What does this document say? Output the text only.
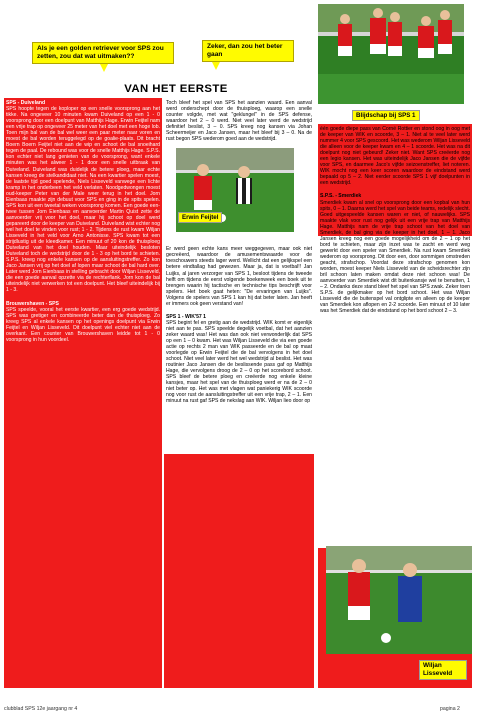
Als je een golden retriever voor SPS zou zetten, zou dat wat uitmaken??
Zeker, dan zou het beter gaan
Blijdschap bij SPS 1
VAN HET EERSTE

SPS - Duiveland

SPS hoopte tegen de koploper op een snelle voorsprong aan het tikke. Na ongeveer 10 minuten kwam Duiveland op een 1 - 0 voorsprong door een doelpunt van Matthijs Hage. Erwin Feijtel nam een vrije trap op ongeveer 25 meter van het doel met een hoge lob. Toen mijn bal van de bal wel weer een paar meter naar voren en moest de bal worden teruggelegd op de goalie-plaats. Dit bracht Boern Boern Feijtel niet aan de wip en schoot de bal snoeihard tegen de paal. De rebound was voor de snelle Matthijs Hage. S.P.S. kon echter niet lang genieten van de voorsprong, want enkele minuten was het alweer 1 - 1 door een snelle uitbraak van Duiveland. Duiveland was duidelijk de betere ploeg, maar echte kansen kreeg de stelkandidaat niet. Na een kwartier spelen moest, de laatste tijd goed spelende, Niels Lisseveld vanwege een lichte kramp in het onderbeen het veld verlaten. Noodgedwongen moest oud-keeper Peter van der Male weer terug in het doel. Jorn Eienbaas maakte zijn debuut voor SPS en ging in de spits spelen. SPS kon uit een tweetal weken voorsprong komen. Een goede een-twee tussen Jorn Eienbaas en aanvoerder Martin Quist zette de aanvoerder vrij voor het doel, maar hij schoot op doel werd gepareerd door de keeper van Duiveland. Duiveland wist echter nog wel het doel te vinden voor rust; 1 - 2. Tijdens de rust kwam Wiljan Lisseveld in het veld voor Arno Antonisse. SPS kwam tot een strijdlustig uit de kleedkamer. Een minuut of 20 kon de thuisploeg Duiveland van het doel houden. Maar uiteindelijk besloten Duiveland toch de wedstrijd door de 1 - 3 op het bord te schieten. S.P.S. kreeg nog enkele kansen op de aansluitingstreffer. Zo kon Jaco Jansen vrij op het doel af lopen maar schoot de bal hard over. Later werd Jorn Eienbaas in stelling gebracht door Wiljan Lisseveld, die een goede aanval opzette via de rechterflank. Jorn kon de bal uiteindelijk niet verwerken tot een doelpunt. Het bleef uiteindelijk bij 1 - 3.

Brouwershaven - SPS

SPS speelde, vooral het eerste kwartier, een erg goede wedstrijd. SPS was gretiger en combineerde beter dan de thuisploeg. Zo kreeg SPS al enkele kansen op het openings doelpunt via Erwin Feijtel en Wiljan Lisseveld. Dit doelpunt viel echter niet aan de overkant. Een counter van Brouwershaven leidde tot 1 - 0 voorsprong in hun voordeel.

Toch bleef het spel van SPS het aanzien waard. Een aanval werd onderschept door de thuisploeg, waarop een snelle counter volgde, met wat "geklungel" in de SPS defense, waardoor het 2 – 0 werd. Niet veel later werd de wedstrijd definitief beslist, 3 – 0. SPS kreeg nog kansen via Johan Scheermeijer en Jaco Jansen, maar het bleef bij 3 – 0. Na de rust begon SPS wederom goed aan de wedstrijd.

Erwin Feijtel

Er werd geen echte kans meer weggegeven, maar ook niet gecreëerd, waardoor de amusementswaarde voor de toeschouwers steeds lager werd. Wellicht dat een gelijkspel een betere eindtallag had gewezen. Maar ja, dat is voetbal!! Jan Luijks, al jaren verzorger van SPS 1, besloot tijdens de tweede helft om tijdens de eerst volgende boekenweek een boek uit te brengen waarin hij tactische en technische tips beschrijft voor spelers. Het boek gaat heten: "De ervaringen van Luijks". Volgens de spelers van SPS 1 kan hij dat beter laten. Jan heeft er immers ook geen verstand van!

SPS 1 - WIK'57 1

SPS begint fel en gretig aan de wedstrijd. WIK komt er eigenlijk niet aan te pas. SPS speelde degelijk voetbal, dat het aanzien zeker waard was! Het was dan ook niet verwonderlijk dat SPS op een 1 – 0 kwam. Het was Wiljan Lisseveld die via een goede actie op rechts 2 man van WIK passeerde en de bal op maat voorlegde op Erwin Feijtel die de bal vervolgens in het doel schoot. Niet veel later werd het wel wedstrijd al beslist. Het was routinier Jaco Jansen die de beslissende pass gaf op Matthijs Hage, die vervolgens droog de 2 – 0 op het scorebord schoot. SPS bleef de betere ploeg en creëerde nog enkele kleine kansjes, maar het spel van de thuisploeg werd er na de 2 – 0 niet beter op. Het was met vlagen wat paniekerig WIK scoorde nog voor rust de aansluitingstreffer uit een vrije trap, 2 – 1. Een minuut na rust gaf SPS de nekslag aan WIK. Wiljan lieo door op

één goede diepe pass van Corné Rottier en stond oog in oog met de keeper van WIK en scoorde, 3 – 1. Niet al te veel later werd nummer 4 voor SPS gescoord. Het was wederom Wiljan Lisseveld die alleen voor de keeper kwam en 4 – 1 scoorde. Het was na dit doelpunt nog niet gebeurd! Zeker niet. Want SPS creëerde nog een legio kansen. Het was uiteindelijk Jaco Jansen die de vijfde voor SPS, en daarmee Jaco's vijfde seizoenstreffer, liet noteren. WIK mocht nog een keer scoren waardoor de eindstand werd bepaald op 5 – 2. Niet eerder scoorde SPS 1 vijf doelpunten in een wedstrijd.

S.P.S. - Smerdiek

Smerdiek kwam al snel op voorsprong door een kopbal van hun spits, 0 – 1. Daarna werd het spel van beide teams, redelijk slecht. Goed uitgespeelde kansen waren er niet, of nauwelijks. SPS maakte vlak voor rust nog gelijk uit een vrije trap van Matthijs Hage. Matthijs nam de vrije trap schoot van het doel van Smerdiek, de bal ging via de keeper in het doel, 1 – 1. Jaco Jansen kreeg nog een goede mogelijkheid om de 2 – 1 op het bord te schieten, maar zijn inzet was te zacht en werd weg gewerkt door een speler van Smerdiek. Na rust kwam Smerdiek wederom op voorsprong. Dit door een, door sommigen omstreden geacht, strafschop. Voordat deze strafschop genomen kon worden, moest keeper Niels Lisseveld van de scheidsrechter zijn bril schoon laten maken omdat deze niet schoon was! De aanvoerder van Smerdiek wist dit buitenkansje wel te benutten, 1 – 2. Ondanks deze stand bleef het spel van SPS zwak. Zeker toen S.P.S. de gelijkmaker op het bord schoot. Het was Wiljan Lisseveld die de buitenspel val ontglipte en alleen op de keeper van Smerdiek kon aflopen en 2-2 scoorde. Een minuut of 10 later was het Smerdiek dat de eindstand op het bord schoot 2 – 3.

Wiljan Lisseveld
clubblad SPS 12e jaargang nr 4	pagina 2
